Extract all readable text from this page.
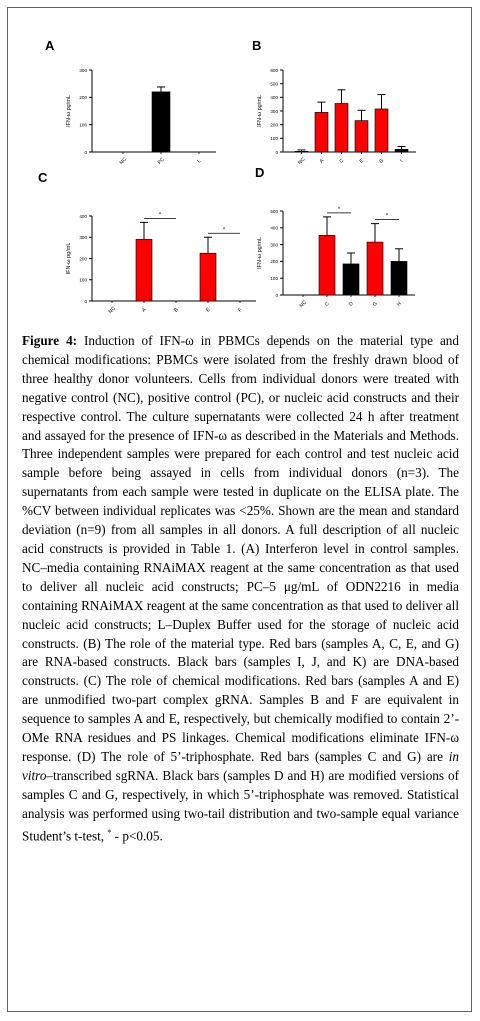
A
0
100
200
300
IFN-ω pg/mL
NC	PC	L
B
0
100
200
300
400
500
600
IFN-ω pg/mL
NC A	C	E	G	I
C
0
100
200
300
400
IFN-ω pg/mL
NC	A	B	E	F
*
*
D
0
100
200
300
400
500
IFN-ω pg/mL
NC	C	D	G	H
*
*

Figure 4: Induction of IFN-ω in PBMCs depends on the material type and chemical modifications: PBMCs were isolated from the freshly drawn blood of three healthy donor volunteers. Cells from individual donors were treated with negative control (NC), positive control (PC), or nucleic acid constructs and their respective control. The culture supernatants were collected 24 h after treatment and assayed for the presence of IFN-ω as described in the Materials and Methods. Three independent samples were prepared for each control and test nucleic acid sample before being assayed in cells from individual donors (n=3). The supernatants from each sample were tested in duplicate on the ELISA plate. The %CV between individual replicates was <25%. Shown are the mean and standard deviation (n=9) from all samples in all donors. A full description of all nucleic acid constructs is provided in Table 1. (A) Interferon level in control samples. NC–media containing RNAiMAX reagent at the same concentration as that used to deliver all nucleic acid constructs; PC–5 μg/mL of ODN2216 in media containing RNAiMAX reagent at the same concentration as that used to deliver all nucleic acid constructs; L–Duplex Buffer used for the storage of nucleic acid constructs. (B) The role of the material type. Red bars (samples A, C, E, and G) are RNA-based constructs. Black bars (samples I, J, and K) are DNA-based constructs. (C) The role of chemical modifications. Red bars (samples A and E) are unmodified two-part complex gRNA. Samples B and F are equivalent in sequence to samples A and E, respectively, but chemically modified to contain 2’-OMe RNA residues and PS linkages. Chemical modifications eliminate IFN-ω response. (D) The role of 5’-triphosphate. Red bars (samples C and G) are in vitro–transcribed sgRNA. Black bars (samples D and H) are modified versions of samples C and G, respectively, in which 5’-triphosphate was removed. Statistical analysis was performed using two-tail distribution and two-sample equal variance Student’s t-test, * - p<0.05.
